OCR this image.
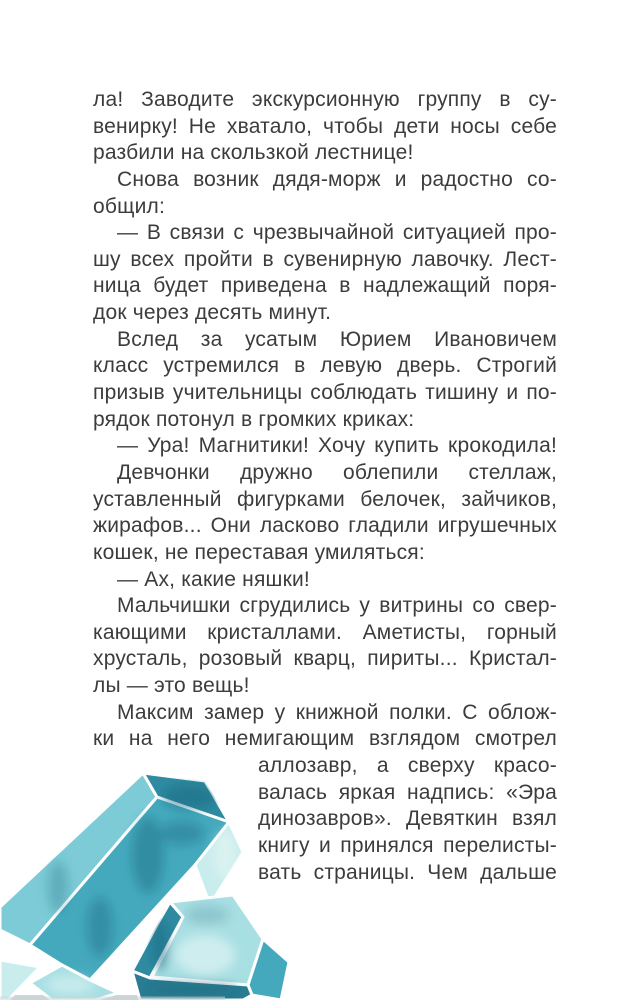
ла! Заводите экскурсионную группу в су-
венирку! Не хватало, чтобы дети носы себе
разбили на скользкой лестнице!
Снова возник дядя-морж и радостно со-
общил:
— В связи с чрезвычайной ситуацией про-
шу всех пройти в сувенирную лавочку. Лест-
ница будет приведена в надлежащий поря-
док через десять минут.
Вслед за усатым Юрием Ивановичем
класс устремился в левую дверь. Строгий
призыв учительницы соблюдать тишину и по-
рядок потонул в громких криках:
— Ура! Магнитики! Хочу купить крокодила!
Девчонки дружно облепили стеллаж,
уставленный фигурками белочек, зайчиков,
жирафов... Они ласково гладили игрушечных
кошек, не переставая умиляться:
— Ах, какие няшки!
Мальчишки сгрудились у витрины со свер-
кающими кристаллами. Аметисты, горный
хрусталь, розовый кварц, пириты... Кристал-
лы — это вещь!
Максим замер у книжной полки. С облож-
ки на него немигающим взглядом смотрел
аллозавр, а сверху красо-
валась яркая надпись: «Эра
динозавров». Девяткин взял
книгу и принялся перелисты-
вать страницы. Чем дальше
